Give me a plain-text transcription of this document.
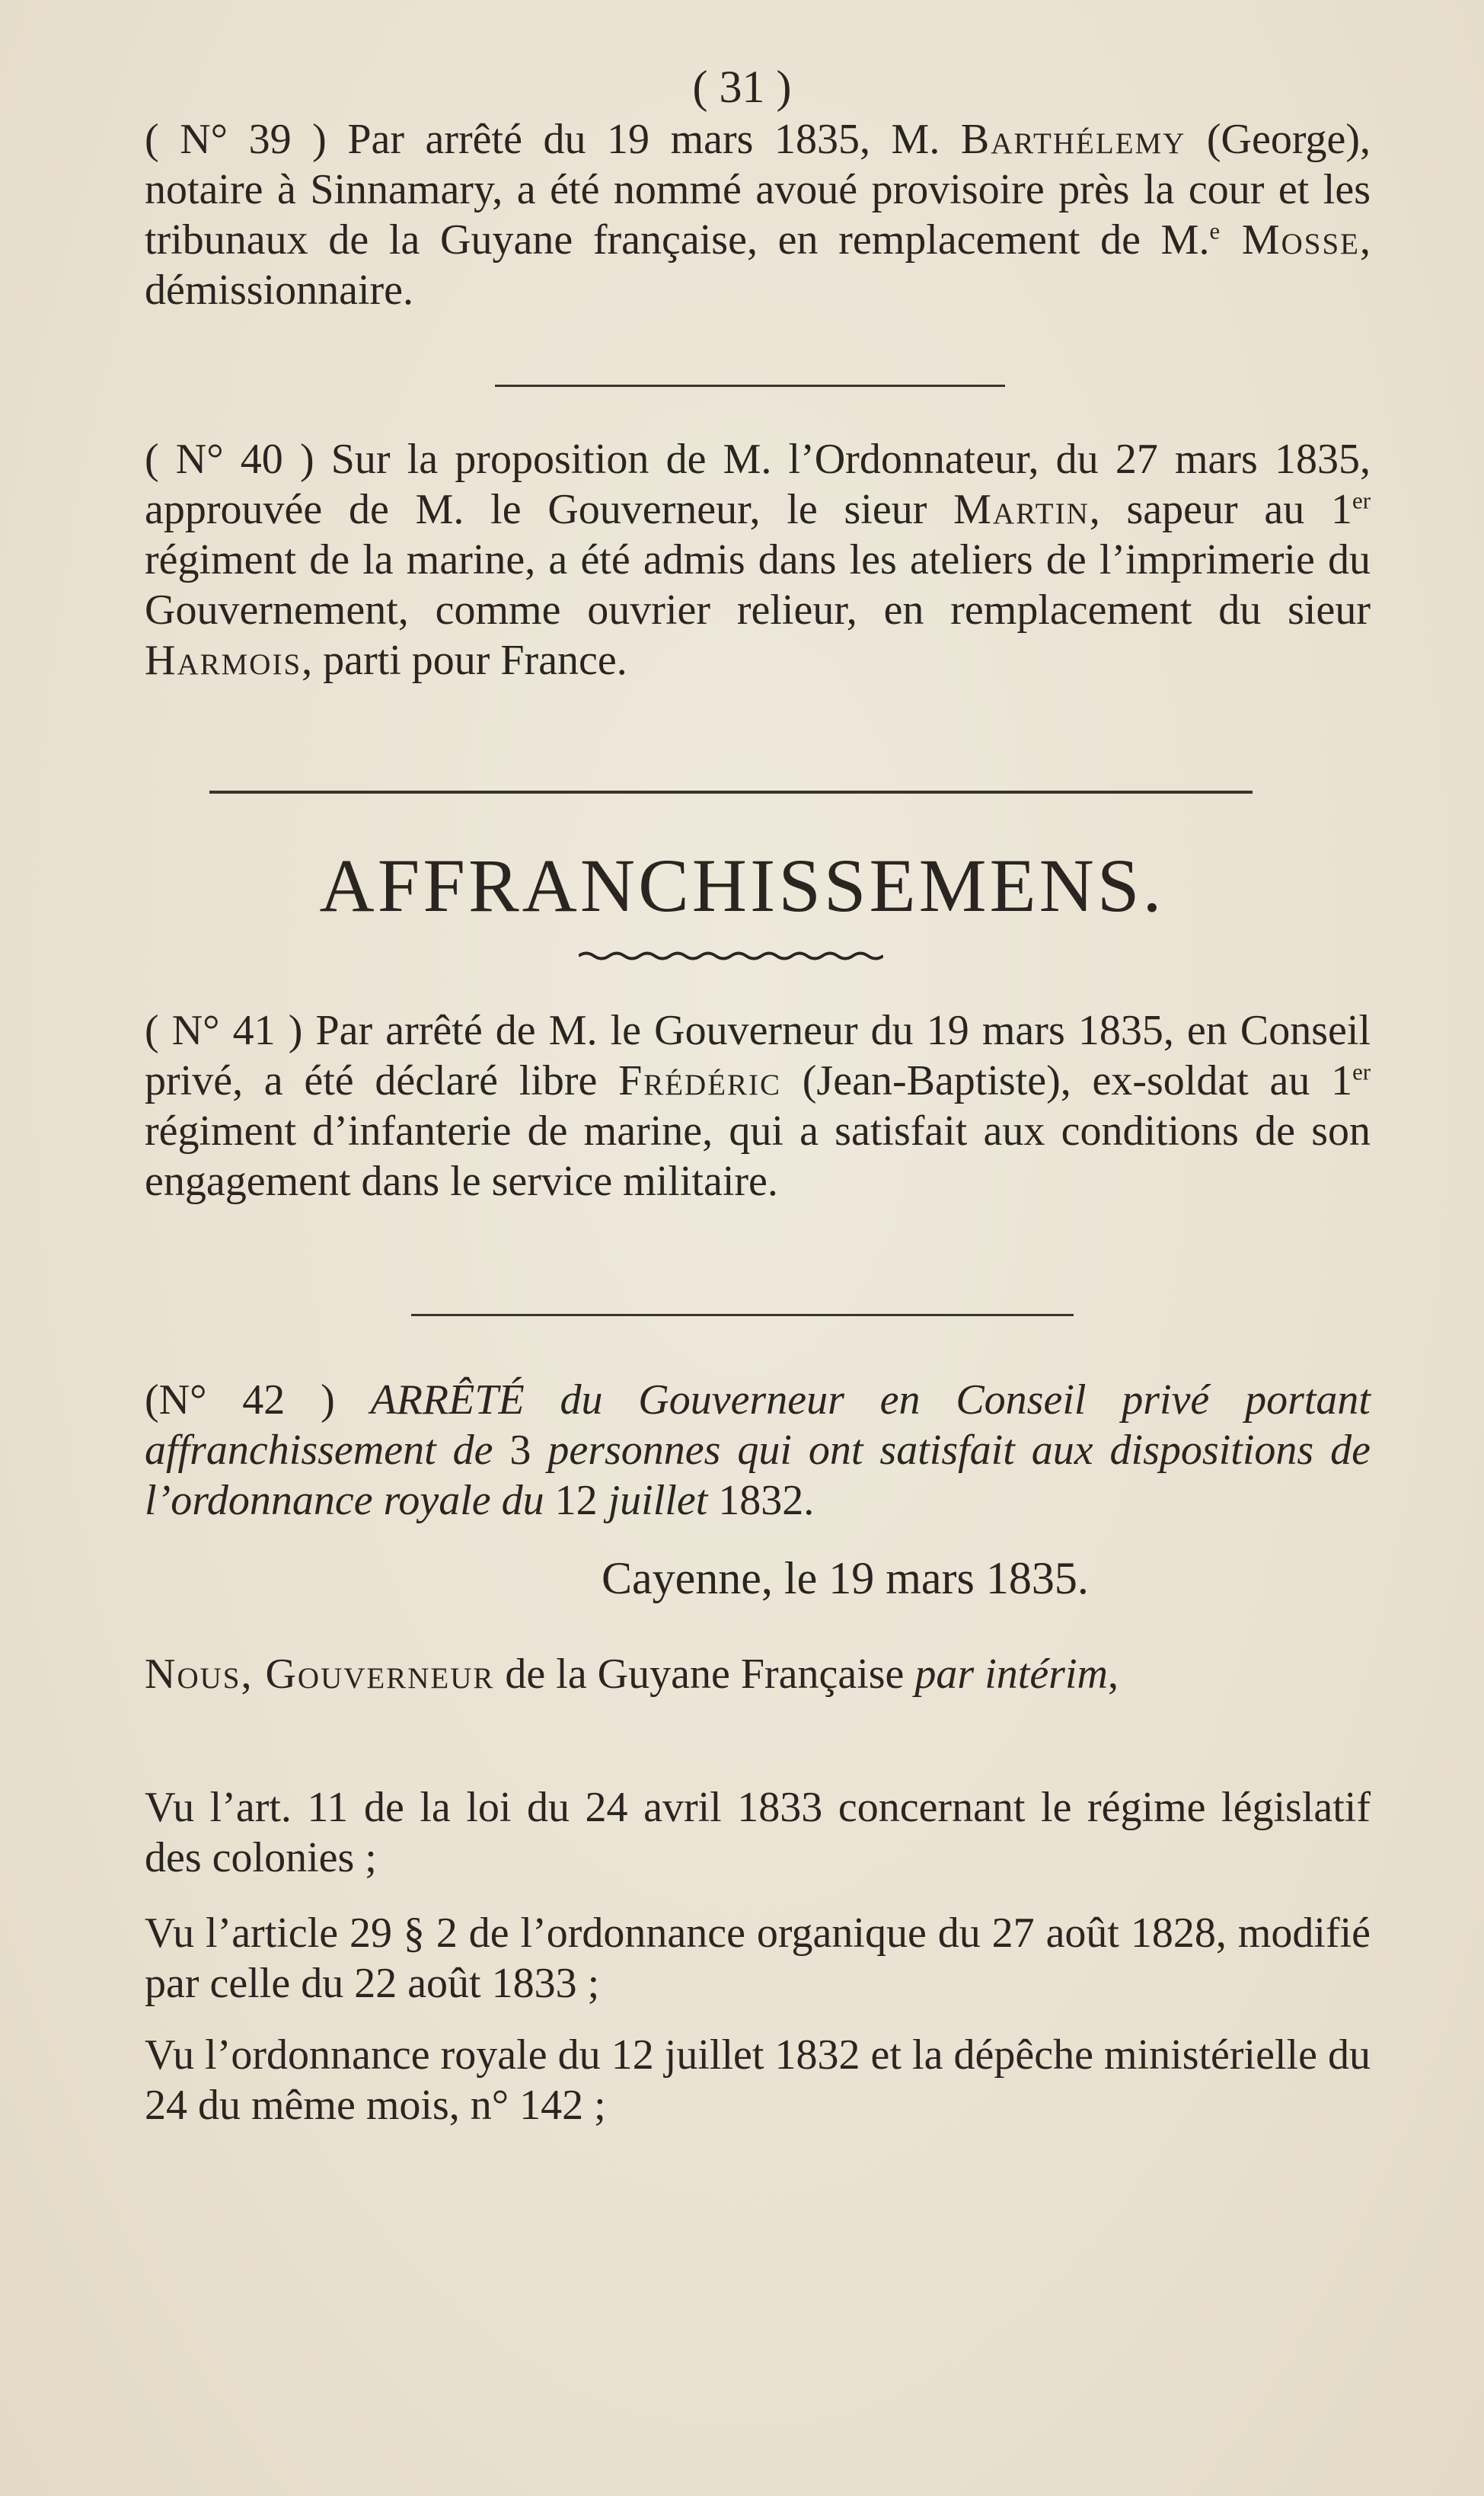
( 31 )

( N° 39 ) Par arrêté du 19 mars 1835, M. Barthélemy (George), notaire à Sinnamary, a été nommé avoué provisoire près la cour et les tribunaux de la Guyane française, en remplacement de M.$^e$ Mosse, démissionnaire.

( N° 40 ) Sur la proposition de M. l’Ordonnateur, du 27 mars 1835, approuvée de M. le Gouverneur, le sieur Martin, sapeur au 1er régiment de la marine, a été admis dans les ateliers de l’imprimerie du Gouvernement, comme ouvrier relieur, en remplacement du sieur Harmois, parti pour France.

AFFRANCHISSEMENS.

( N° 41 ) Par arrêté de M. le Gouverneur du 19 mars 1835, en Conseil privé, a été déclaré libre Frédéric (Jean-Baptiste), ex-soldat au 1er régiment d’infanterie de marine, qui a satisfait aux conditions de son engagement dans le service militaire.

(N° 42 ) ARRÊTÉ du Gouverneur en Conseil privé portant affranchissement de 3 personnes qui ont satisfait aux dispositions de l’ordonnance royale du 12 juillet 1832.

Cayenne, le 19 mars 1835.

Nous, Gouverneur de la Guyane Française par intérim,

Vu l’art. 11 de la loi du 24 avril 1833 concernant le régime législatif des colonies ;

Vu l’article 29 § 2 de l’ordonnance organique du 27 août 1828, modifié par celle du 22 août 1833 ;

Vu l’ordonnance royale du 12 juillet 1832 et la dépêche ministérielle du 24 du même mois, n° 142 ;
